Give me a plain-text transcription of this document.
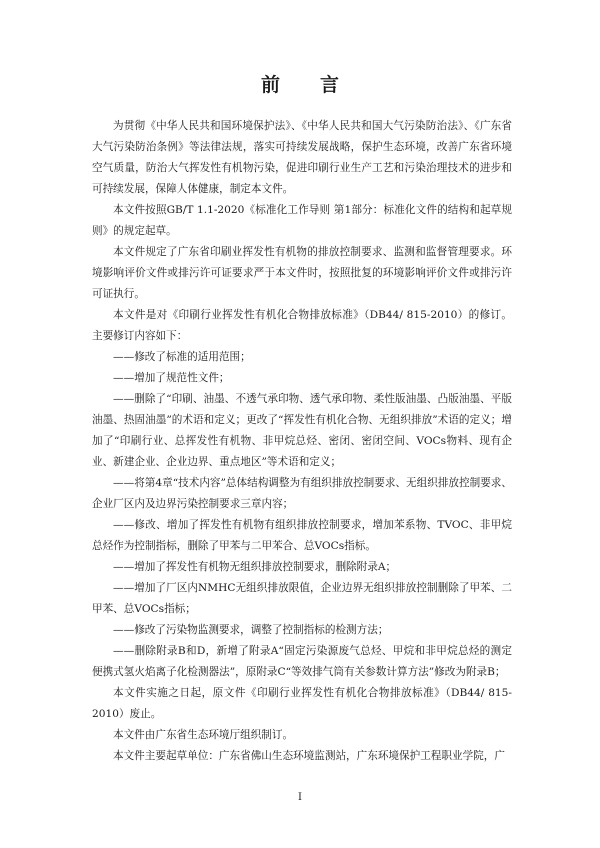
前 言

为贯彻《中华人民共和国环境保护法》、《中华人民共和国大气污染防治法》、《广东省大气污染防治条例》等法律法规，落实可持续发展战略，保护生态环境，改善广东省环境空气质量，防治大气挥发性有机物污染，促进印刷行业生产工艺和污染治理技术的进步和可持续发展，保障人体健康，制定本文件。

本文件按照GB/T 1.1-2020《标准化工作导则 第1部分：标准化文件的结构和起草规则》的规定起草。

本文件规定了广东省印刷业挥发性有机物的排放控制要求、监测和监督管理要求。环境影响评价文件或排污许可证要求严于本文件时，按照批复的环境影响评价文件或排污许可证执行。

本文件是对《印刷行业挥发性有机化合物排放标准》（DB44/ 815-2010）的修订。主要修订内容如下：

——修改了标准的适用范围；

——增加了规范性文件；

——删除了“印刷、油墨、不透气承印物、透气承印物、柔性版油墨、凸版油墨、平版油墨、热固油墨”的术语和定义；更改了“挥发性有机化合物、无组织排放”术语的定义；增加了“印刷行业、总挥发性有机物、非甲烷总烃、密闭、密闭空间、VOCs物料、现有企业、新建企业、企业边界、重点地区”等术语和定义；

——将第4章“技术内容”总体结构调整为有组织排放控制要求、无组织排放控制要求、企业厂区内及边界污染控制要求三章内容；

——修改、增加了挥发性有机物有组织排放控制要求，增加苯系物、TVOC、非甲烷总烃作为控制指标，删除了甲苯与二甲苯合、总VOCs指标。

——增加了挥发性有机物无组织排放控制要求，删除附录A；

——增加了厂区内NMHC无组织排放限值，企业边界无组织排放控制删除了甲苯、二甲苯、总VOCs指标；

——修改了污染物监测要求，调整了控制指标的检测方法；

——删除附录B和D，新增了附录A“固定污染源废气总烃、甲烷和非甲烷总烃的测定便携式氢火焰离子化检测器法”，原附录C“等效排气筒有关参数计算方法”修改为附录B；

本文件实施之日起，原文件《印刷行业挥发性有机化合物排放标准》（DB44/ 815-2010）废止。

本文件由广东省生态环境厅组织制订。

本文件主要起草单位：广东省佛山生态环境监测站，广东环境保护工程职业学院，广

I
